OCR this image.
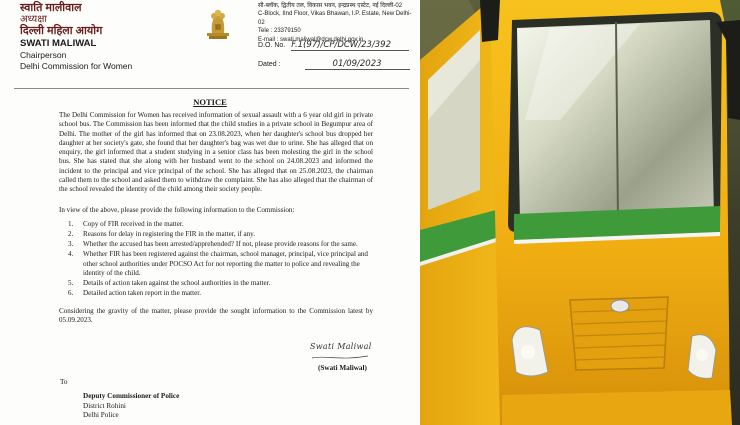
स्वाति मालीवाल
अध्यक्षा
दिल्ली महिला आयोग
SWATI MALIWAL
Chairperson
Delhi Commission for Women
सी-ब्लॉक, द्वितीय तल, विकास भवन, इन्द्रप्रस्थ एस्टेट, नई दिल्ली-02
C-Block, IInd Floor, Vikas Bhawan, I.P. Estate, New Delhi-02
Tele : 23379150
E-mail : swati.maliwal@dcw.delhi.gov.in
D.O. No. F.1(97)/CP/DCW/23/392
Dated :	01/09/2023
NOTICE

The Delhi Commission for Women has received information of sexual assault with a 6 year old girl in private school bus. The Commission has been informed that the child studies in a private school in Begumpur area of Delhi. The mother of the girl has informed that on 23.08.2023, when her daughter's school bus dropped her daughter at her society's gate, she found that her daughter's bag was wet due to urine. She has alleged that on enquiry, the girl informed that a student studying in a senior class has been molesting the girl in the school bus. She has stated that she along with her husband went to the school on 24.08.2023 and informed the incident to the principal and vice principal of the school. She has alleged that on 25.08.2023, the chairman called them to the school and asked them to withdraw the complaint. She has also alleged that the chairman of the school revealed the identity of the child among their society people.

In view of the above, please provide the following information to the Commission:

1. Copy of FIR received in the matter.
2. Reasons for delay in registering the FIR in the matter, if any.
3. Whether the accused has been arrested/apprehended? If not, please provide reasons for the same.
4. Whether FIR has been registered against the chairman, school manager, principal, vice principal and other school authorities under POCSO Act for not reporting the matter to police and revealing the identity of the child.
5. Details of action taken against the school authorities in the matter.
6. Detailed action taken report in the matter.

Considering the gravity of the matter, please provide the sought information to the Commission latest by 05.09.2023.

Swati Maliwal
(Swati Maliwal)
To
Deputy Commissioner of Police
District Rohini
Delhi Police
